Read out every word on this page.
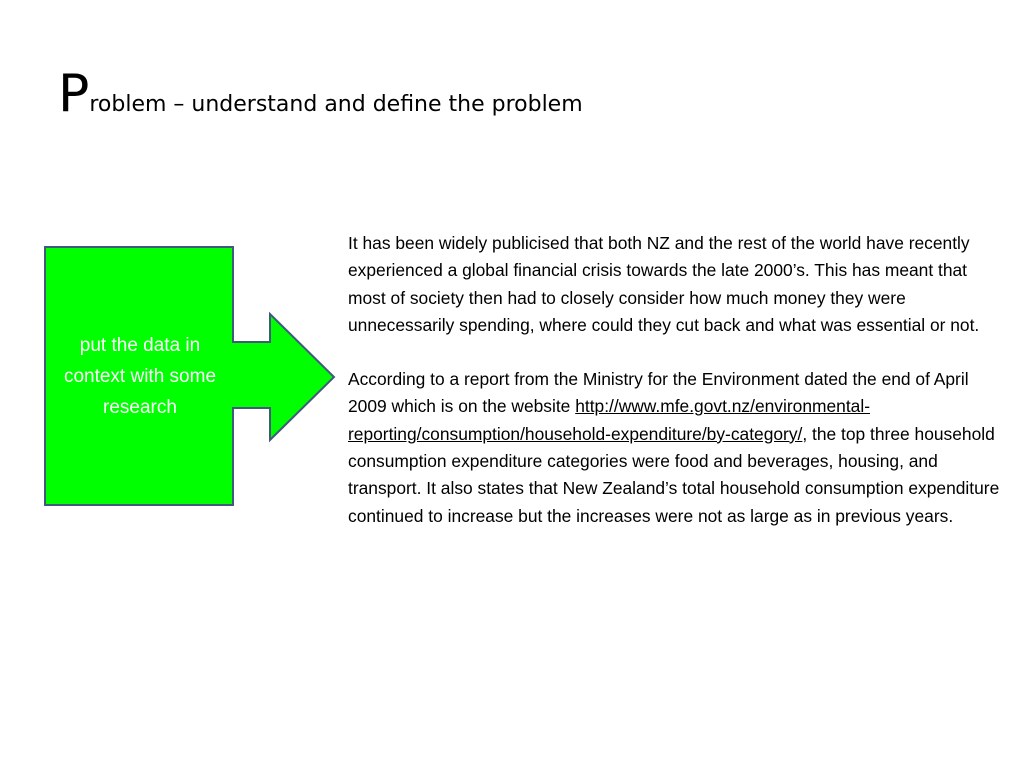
Problem – understand and define the problem
put the data in context with some research

It has been widely publicised that both NZ and the rest of the world have recently experienced a global financial crisis towards the late 2000’s. This has meant that most of society then had to closely consider how much money they were unnecessarily spending, where could they cut back and what was essential or not.

According to a report from the Ministry for the Environment dated the end of April 2009 which is on the website http://www.mfe.govt.nz/environmental-reporting/consumption/household-expenditure/by-category/, the top three household consumption expenditure categories were food and beverages, housing, and transport. It also states that New Zealand’s total household consumption expenditure continued to increase but the increases were not as large as in previous years.
